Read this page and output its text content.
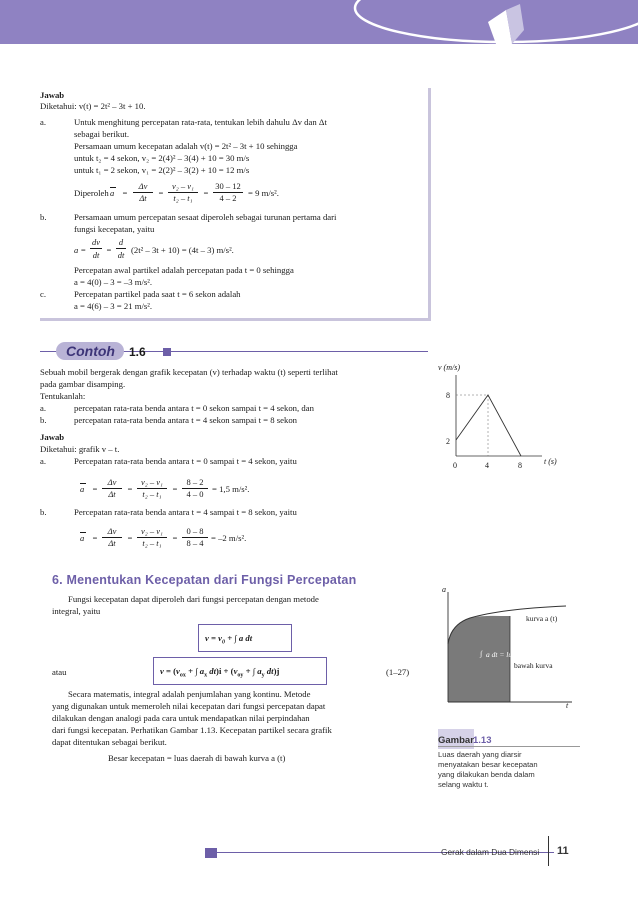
Jawab
Diketahui: v(t) = 2t² – 3t + 10.
a.	Untuk menghitung percepatan rata-rata, tentukan lebih dahulu Δv dan Δt
sebagai berikut.
Persamaan umum kecepatan adalah v(t) = 2t² – 3t + 10 sehingga
untuk t₂ = 4 sekon, v₂ = 2(4)² – 3(4) + 10 = 30 m/s
untuk t₁ = 2 sekon, v₁ = 2(2)² – 3(2) + 10 = 12 m/s
Diperoleh a =
Δv
Δt	=
v₂ – v₁
t₂ – t₁	=
30 – 12
4 – 2	= 9 m/s².
b.	Persamaan umum percepatan sesaat diperoleh sebagai turunan pertama dari
fungsi kecepatan, yaitu
a =
dv
dt =
d
dt (2t² – 3t + 10) = (4t – 3) m/s².
Percepatan awal partikel adalah percepatan pada t = 0 sehingga
a = 4(0) – 3 = –3 m/s².
c.	Percepatan partikel pada saat t = 6 sekon adalah
a = 4(6) – 3 = 21 m/s².
Contoh 1.6
Sebuah mobil bergerak dengan grafik kecepatan (v) terhadap waktu (t) seperti terlihat
pada gambar disamping.
Tentukanlah:
a.	percepatan rata-rata benda antara t = 0 sekon sampai t = 4 sekon, dan
b.	percepatan rata-rata benda antara t = 4 sekon sampai t = 8 sekon
Jawab
Diketahui: grafik v – t.
a.	Percepatan rata-rata benda antara t = 0 sampai t = 4 sekon, yaitu
a =
Δv
Δt	=
v₂ – v₁
t₂ – t₁	=
8 – 2
4 – 0 = 1,5 m/s².
b.	Percepatan rata-rata benda antara t = 4 sampai t = 8 sekon, yaitu
a =
Δv
Δt	=
v₂ – v₁
t₂ – t₁	=
0 – 8
8 – 4 = –2 m/s².
v (m/s)
8
2
0	4	8	t (s)
6. Menentukan Kecepatan dari Fungsi Percepatan
Fungsi kecepatan dapat diperoleh dari fungsi percepatan dengan metode
integral, yaitu
$v = v_0$ + ∫ a dt
atau	$v = (v_{ox}$ + ∫ $a_x$ $dt)i + (v_{oy}$ + ∫ $a_y$ dt)j	(1–27)
Secara matematis, integral adalah penjumlahan yang kontinu. Metode
yang digunakan untuk memeroleh nilai kecepatan dari fungsi percepatan dapat
dilakukan dengan analogi pada cara untuk mendapatkan nilai perpindahan
dari fungsi kecepatan. Perhatikan Gambar 1.13. Kecepatan partikel secara grafik
dapat ditentukan sebagai berikut.
Besar kecepatan = luas daerah di bawah kurva a (t)
a
t
kurva a (t)
∫ a dt = luas daerah di
bawah kurva
Gambar 1.13
Luas daerah yang diarsir
menyatakan besar kecepatan
yang dilakukan benda dalam
selang waktu t.
Gerak dalam Dua Dimensi 11
